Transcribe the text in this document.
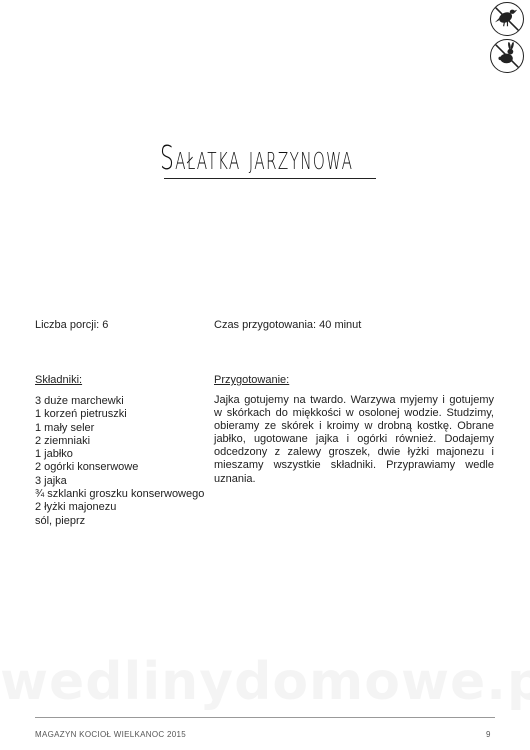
Sałatka jarzynowa
Liczba porcji: 6	Czas przygotowania: 40 minut
Składniki:	Przygotowanie:
3 duże marchewki
1 korzeń pietruszki
1 mały seler
2 ziemniaki
1 jabłko
2 ogórki konserwowe
3 jajka
¾ szklanki groszku konserwowego
2 łyżki majonezu
sól, pieprz

Jajka gotujemy na twardo. Warzywa myjemy i gotujemy w skórkach do miękkości w osolonej wodzie. Studzimy, obieramy ze skórek i kroimy w drobną kostkę. Obrane jabłko, ugotowane jajka i ogórki również. Dodajemy odcedzony z zalewy groszek, dwie łyżki majonezu i mieszamy wszystkie składniki. Przyprawiamy wedle uznania.

MAGAZYN KOCIOŁ WIELKANOC 2015	9
